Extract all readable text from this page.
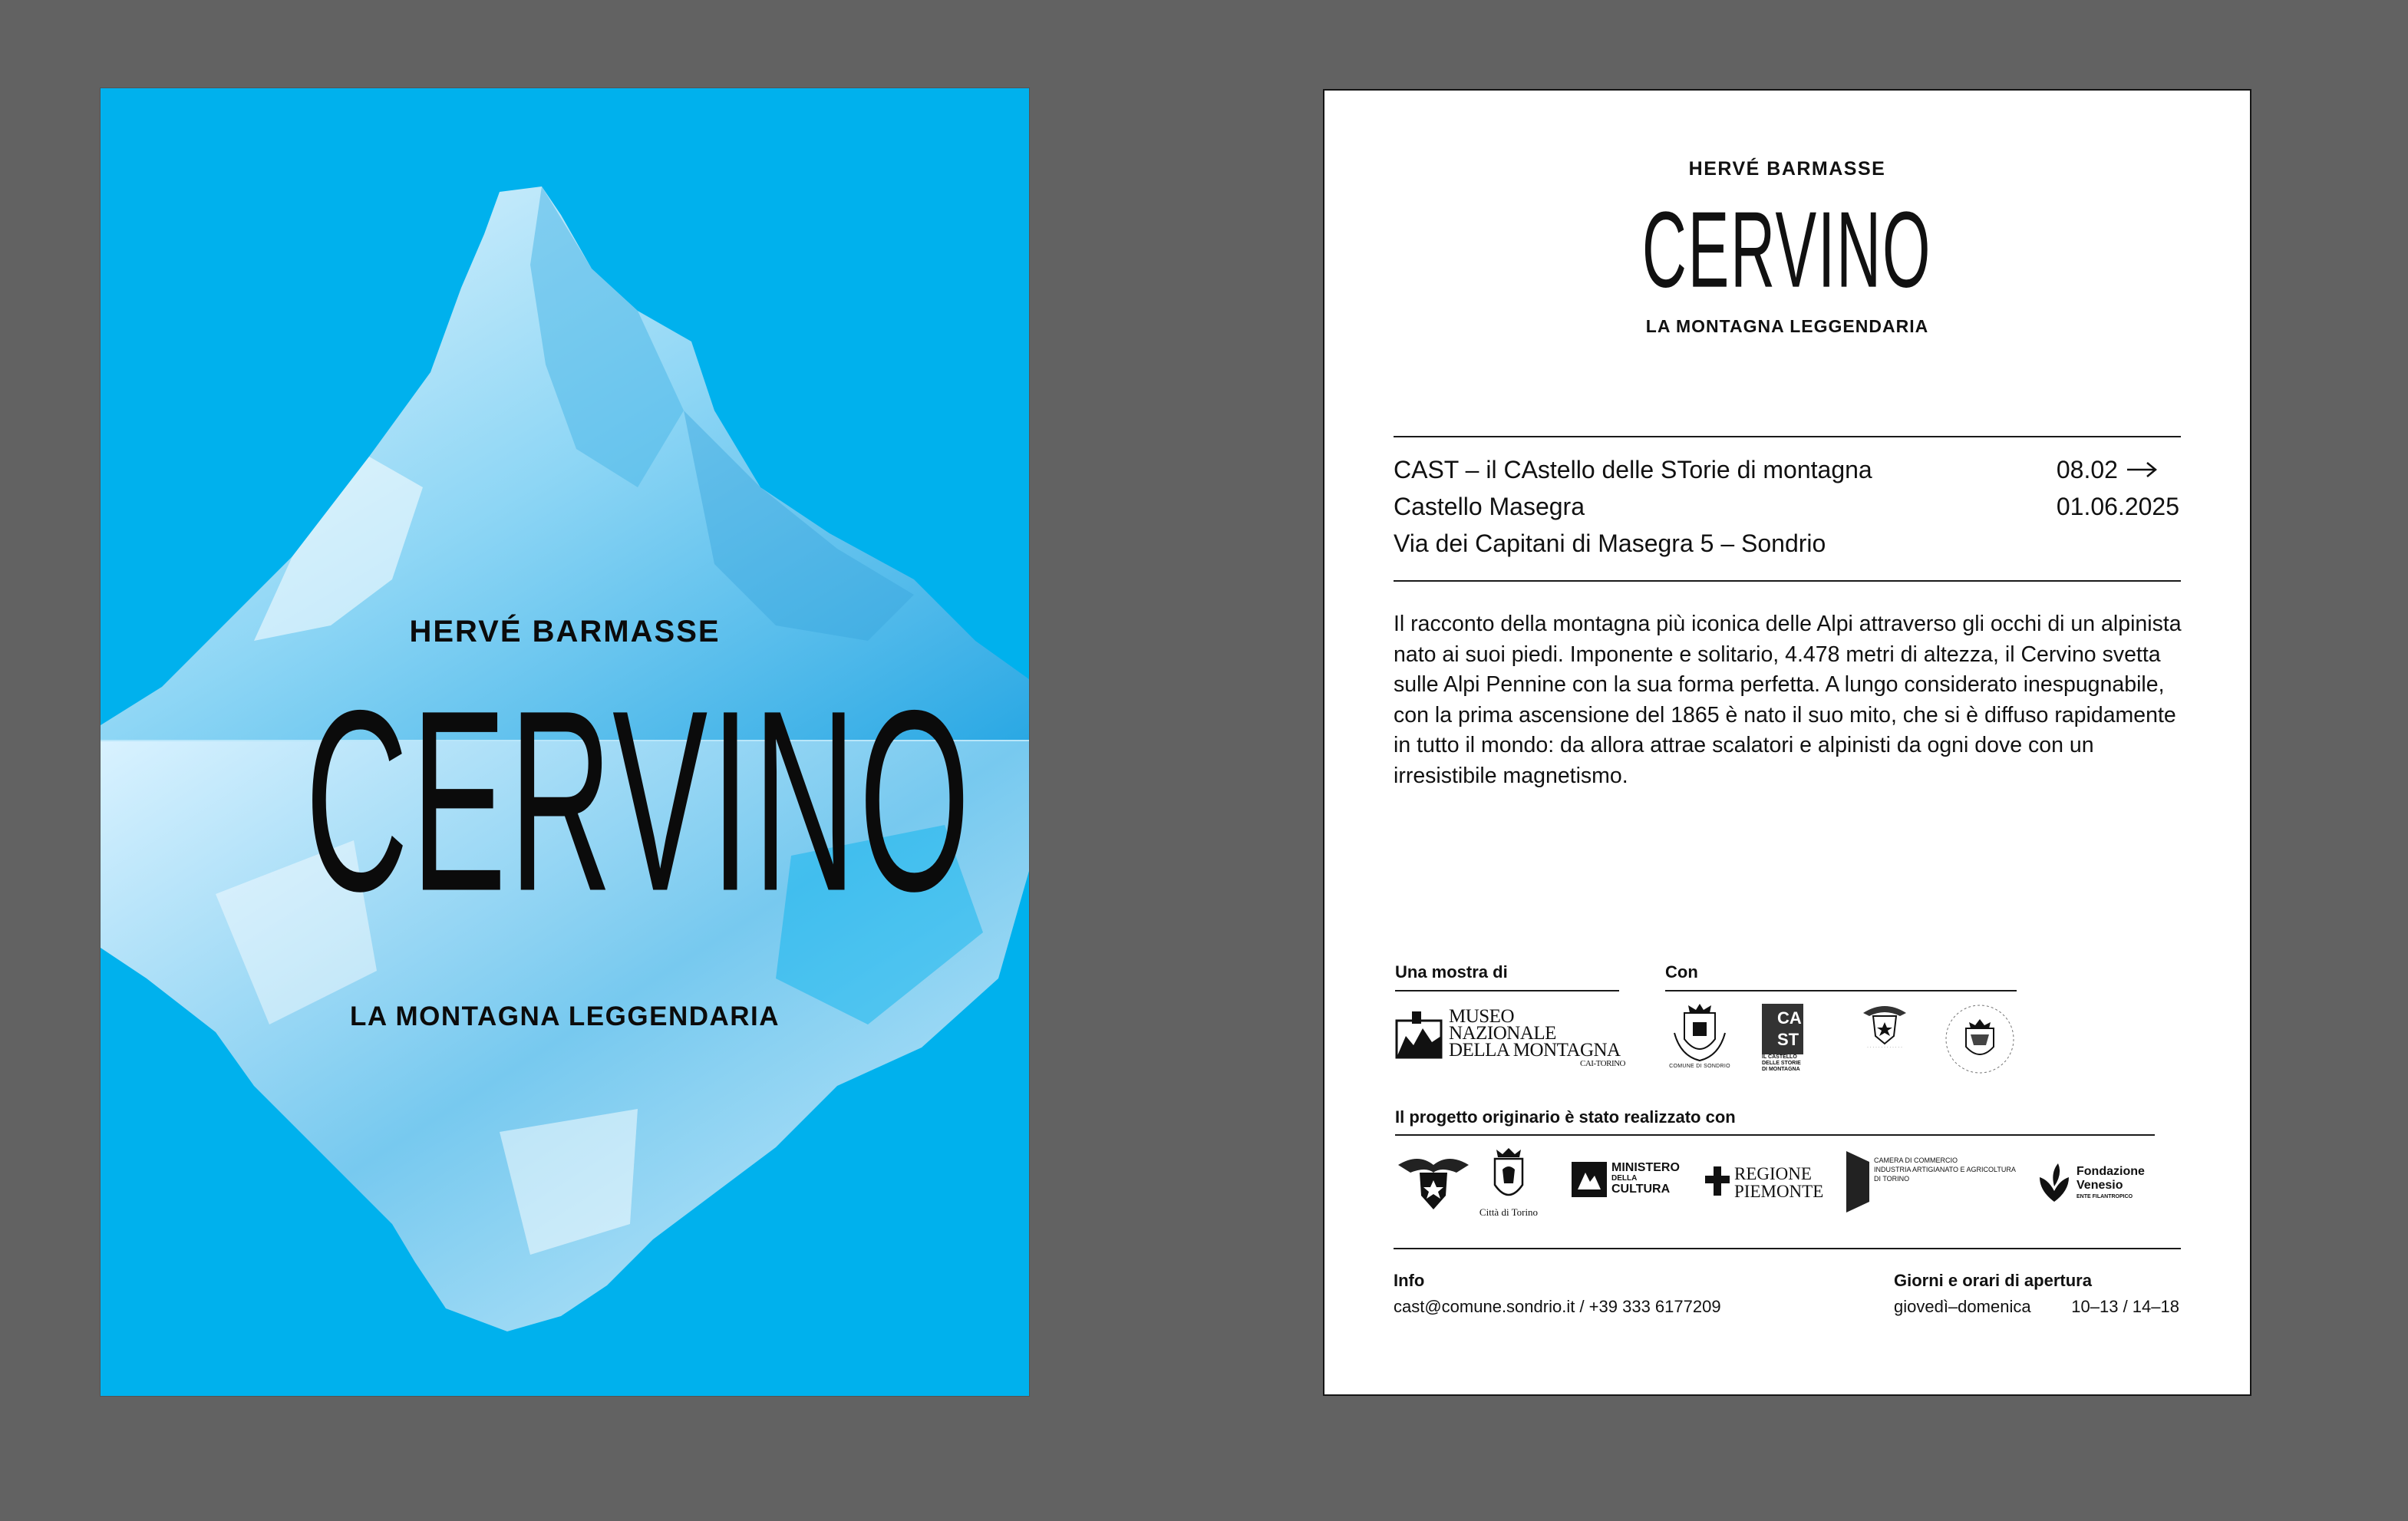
HERVÉ BARMASSE
CERVINO
LA MONTAGNA LEGGENDARIA
HERVÉ BARMASSE
CERVINO
LA MONTAGNA LEGGENDARIA
CAST – il CAstello delle STorie di montagna
Castello Masegra
Via dei Capitani di Masegra 5 – Sondrio
08.02
01.06.2025
Il racconto della montagna più iconica delle Alpi attraverso gli occhi di un alpinista nato ai suoi piedi. Imponente e solitario, 4.478 metri di altezza, il Cervino svetta sulle Alpi Pennine con la sua forma perfetta. A lungo considerato inespugnabile, con la prima ascensione del 1865 è nato il suo mito, che si è diffuso rapidamente in tutto il mondo: da allora attrae scalatori e alpinisti da ogni dove con un irresistibile magnetismo.
Una mostra di
MUSEO NAZIONALE
DELLA MONTAGNA
CAI-TORINO
Con
COMUNE DI SONDRIO
CA
ST
IL CASTELLO DELLE STORIE DI MONTAGNA
· · · · · · · · · · · · ·
Il progetto originario è stato realizzato con
Città di Torino
MINISTERO
DELLA
CULTURA
REGIONE
PIEMONTE
CAMERA DI COMMERCIO
INDUSTRIA ARTIGIANATO E AGRICOLTURA
DI TORINO
Fondazione
Venesio
ENTE FILANTROPICO
Info
cast@comune.sondrio.it / +39 333 6177209
Giorni e orari di apertura
giovedì–domenica 10–13 / 14–18
